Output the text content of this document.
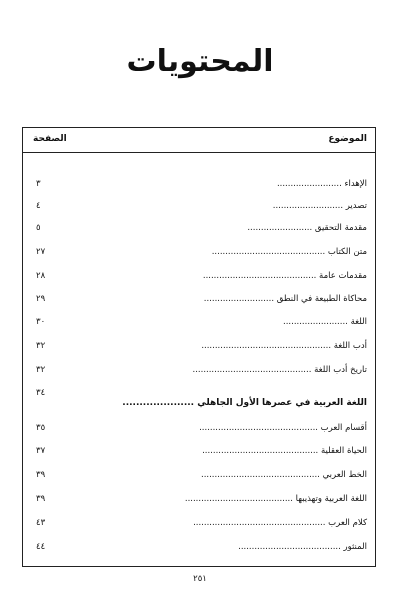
المحتويات
الموضوع
الصفحة
الإهداء ........................
٣
تصدير ..........................
٤
مقدمة التحقيق ........................
٥
متن الكتاب ..........................................
٢٧
مقدمات عامة ..........................................
٢٨
محاكاة الطبيعة في النطق ..........................
٢٩
اللغة ........................
٣٠
أدب اللغة ................................................
٣٢
تاريخ أدب اللغة ............................................
٣٢
اللغة العربية في عصرها الأول الجاهلي .....................
٣٤
أقسام العرب ............................................
٣٥
الحياة العقلية ...........................................
٣٧
الخط العربي ............................................
٣٩
اللغة العربية وتهذيبها ........................................
٣٩
كلام العرب .................................................
٤٣
المنثور ......................................
٤٤
٢٥١
